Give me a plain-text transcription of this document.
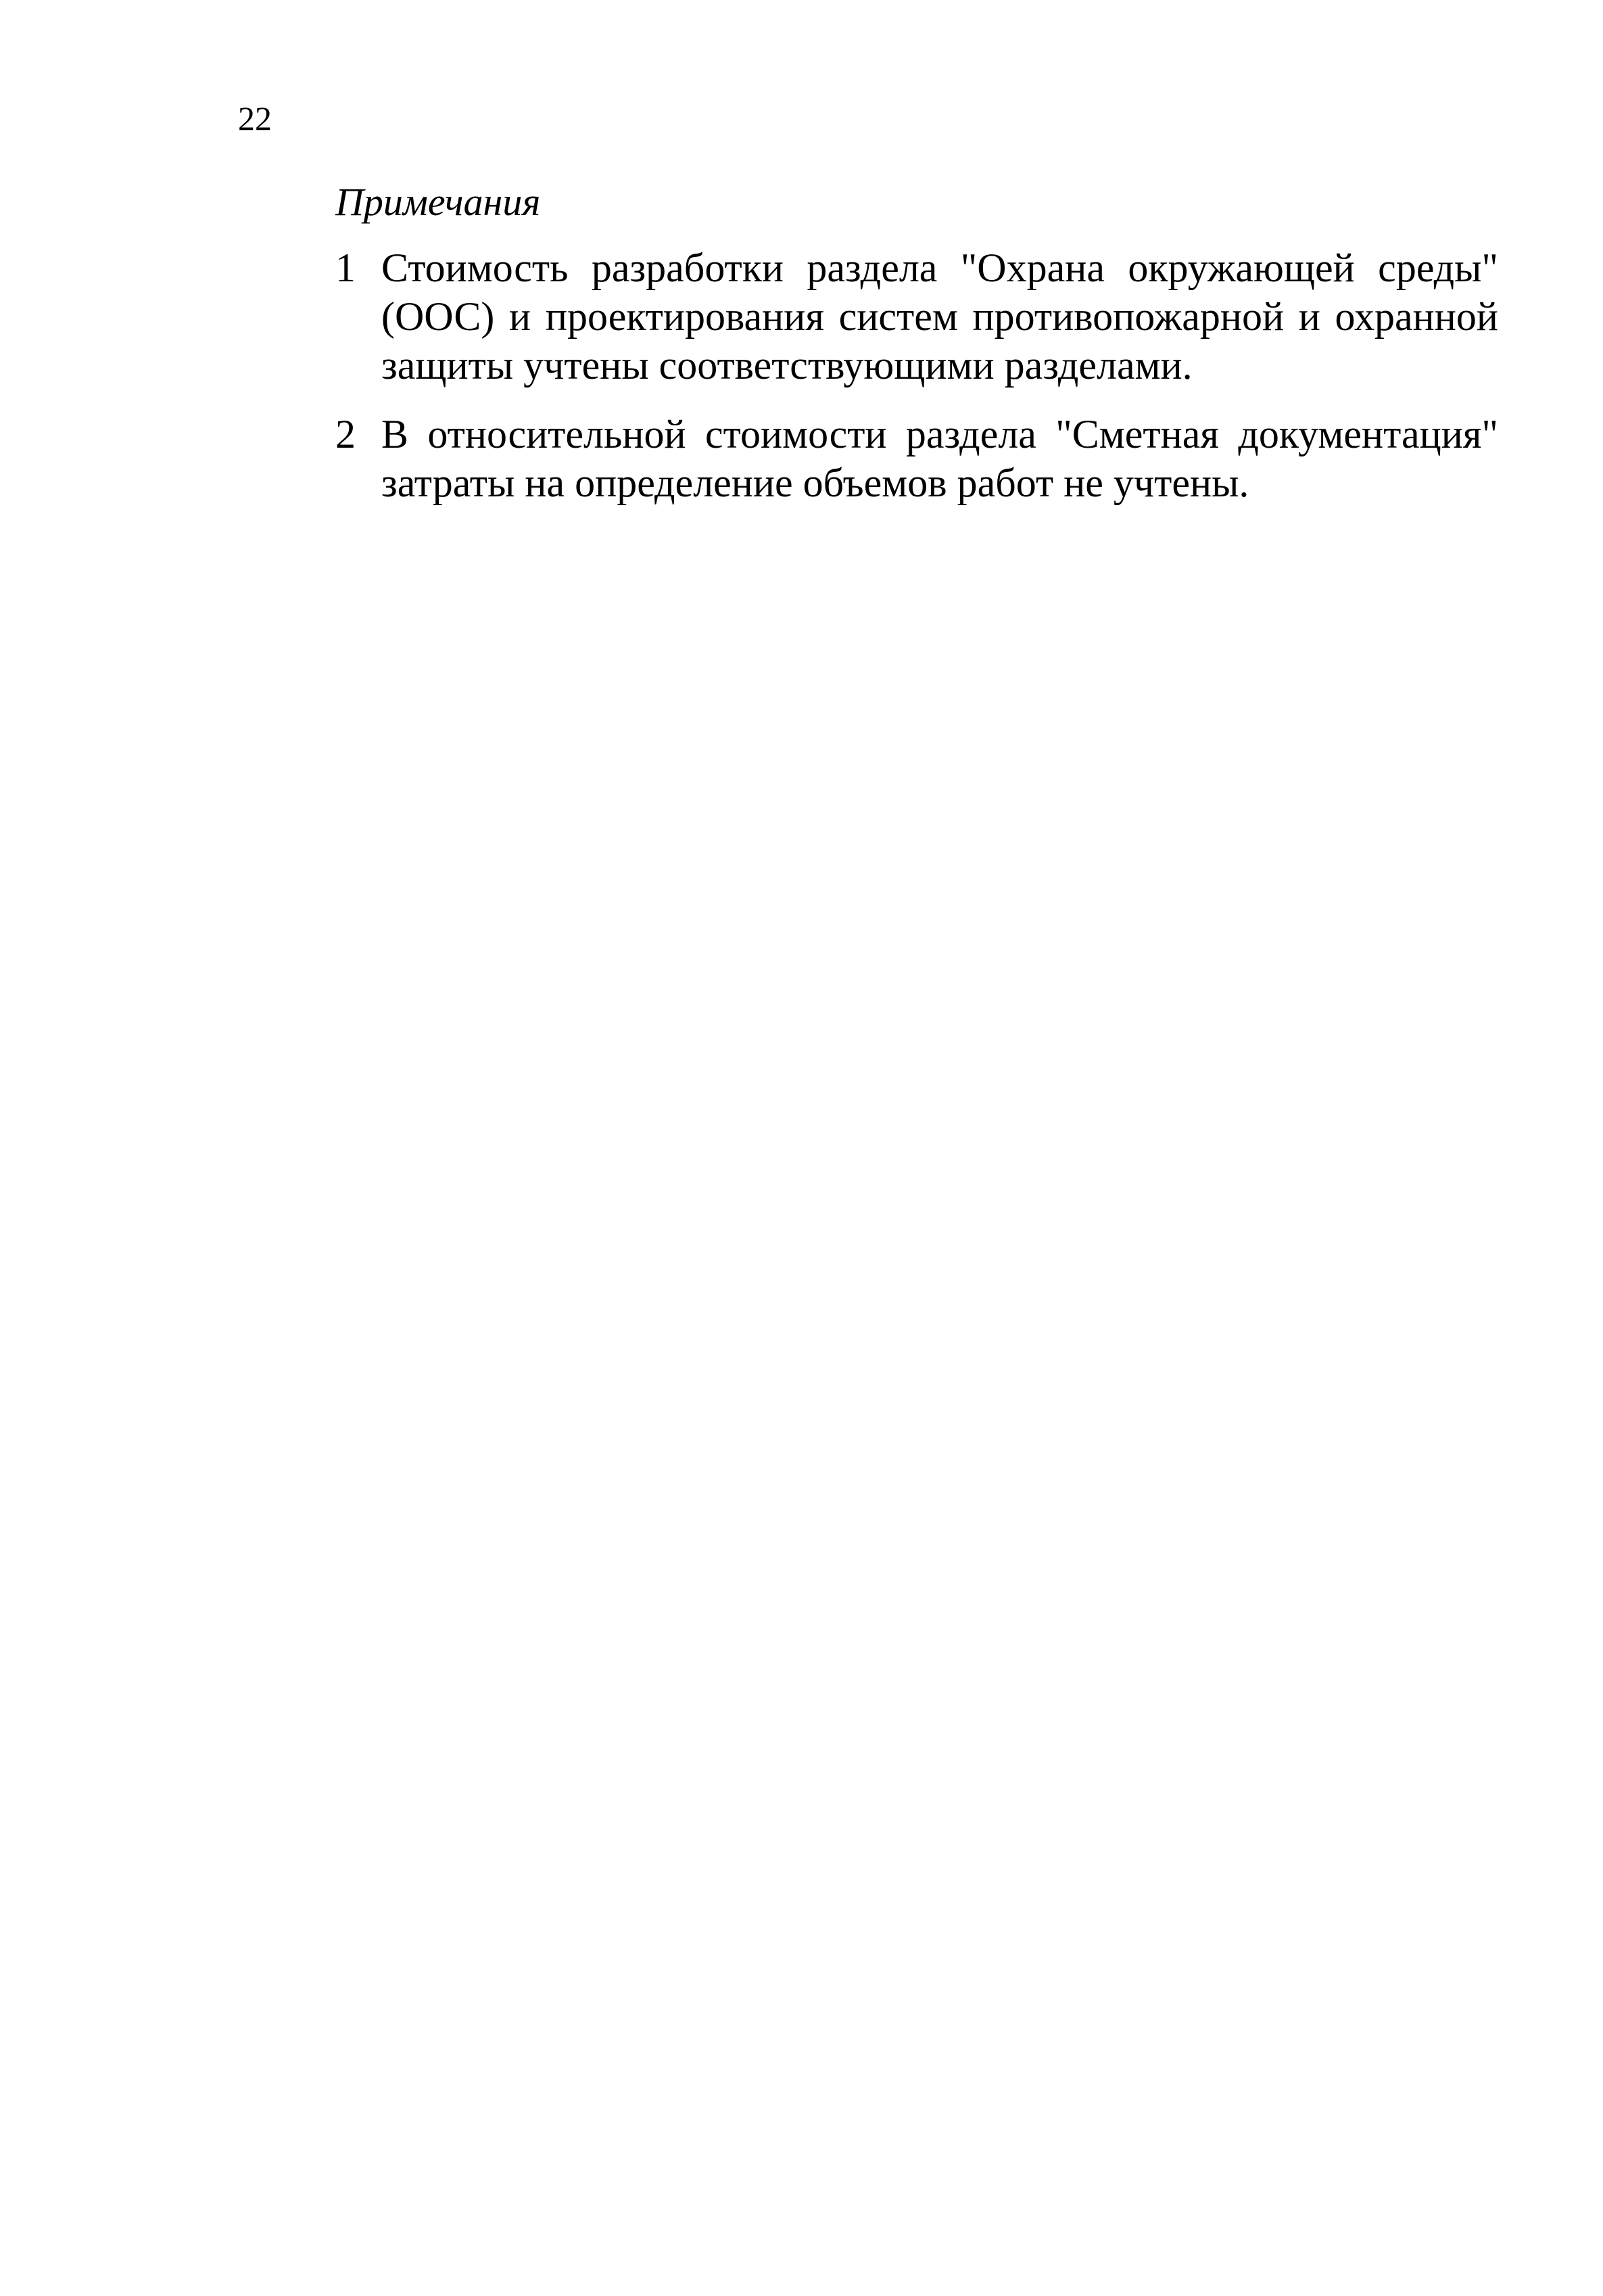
22
Примечания
1 Стоимость разработки раздела "Охрана окружающей среды" (ООС) и проектирования систем противопожарной и охранной защиты учтены соответствующими разделами.
2 В относительной стоимости раздела "Сметная документация" затраты на определение объемов работ не учтены.
